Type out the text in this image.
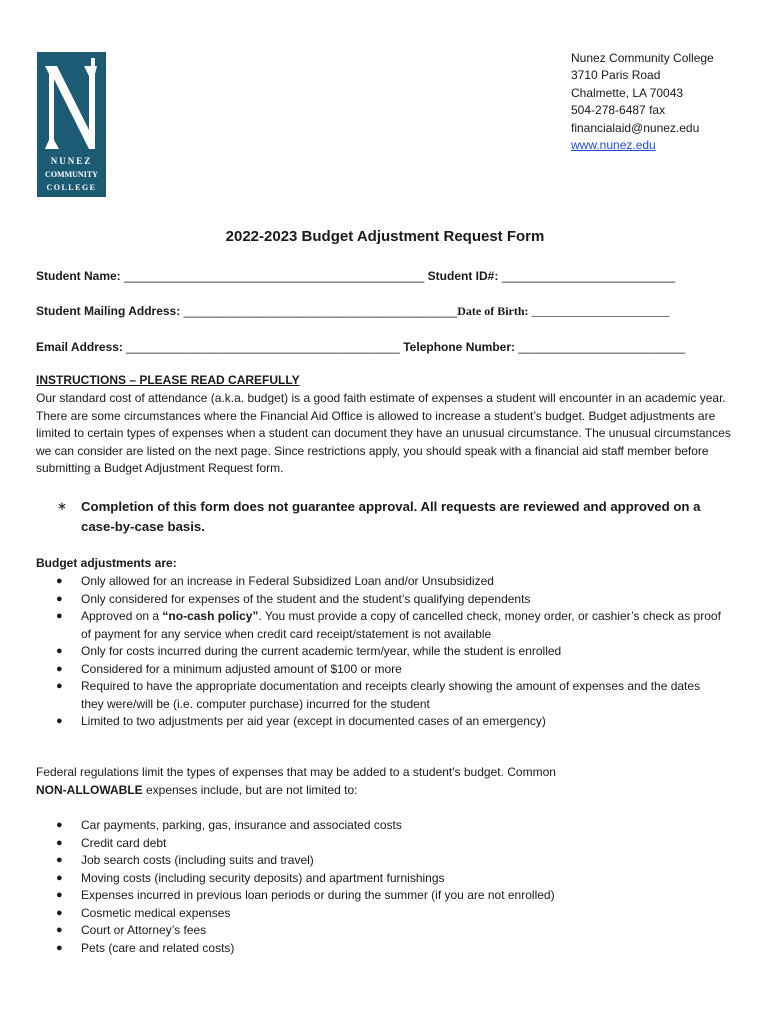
NUNEZ
COMMUNITY
COLLEGE
Nunez Community College
3710 Paris Road
Chalmette, LA 70043
504-278-6487 fax
financialaid@nunez.edu
www.nunez.edu
2022-2023 Budget Adjustment Request Form
Student Name: _____________________________________________ Student ID#: __________________________
Student Mailing Address: _________________________________________Date of Birth: _______________________
Email Address: _________________________________________ Telephone Number: _________________________
INSTRUCTIONS – PLEASE READ CAREFULLY
Our standard cost of attendance (a.k.a. budget) is a good faith estimate of expenses a student will encounter in an academic year. There are some circumstances where the Financial Aid Office is allowed to increase a student’s budget. Budget adjustments are limited to certain types of expenses when a student can document they have an unusual circumstance. The unusual circumstances we can consider are listed on the next page. Since restrictions apply, you should speak with a financial aid staff member before submitting a Budget Adjustment Request form.
∗ Completion of this form does not guarantee approval. All requests are reviewed and approved on a case-by-case basis.
Budget adjustments are:
● Only allowed for an increase in Federal Subsidized Loan and/or Unsubsidized
● Only considered for expenses of the student and the student’s qualifying dependents
● Approved on a “no-cash policy”. You must provide a copy of cancelled check, money order, or cashier’s check as proof of payment for any service when credit card receipt/statement is not available
● Only for costs incurred during the current academic term/year, while the student is enrolled
● Considered for a minimum adjusted amount of $100 or more
● Required to have the appropriate documentation and receipts clearly showing the amount of expenses and the dates they were/will be (i.e. computer purchase) incurred for the student
● Limited to two adjustments per aid year (except in documented cases of an emergency)
Federal regulations limit the types of expenses that may be added to a student's budget. Common
NON-ALLOWABLE expenses include, but are not limited to:
● Car payments, parking, gas, insurance and associated costs
● Credit card debt
● Job search costs (including suits and travel)
● Moving costs (including security deposits) and apartment furnishings
● Expenses incurred in previous loan periods or during the summer (if you are not enrolled)
● Cosmetic medical expenses
● Court or Attorney’s fees
● Pets (care and related costs)
